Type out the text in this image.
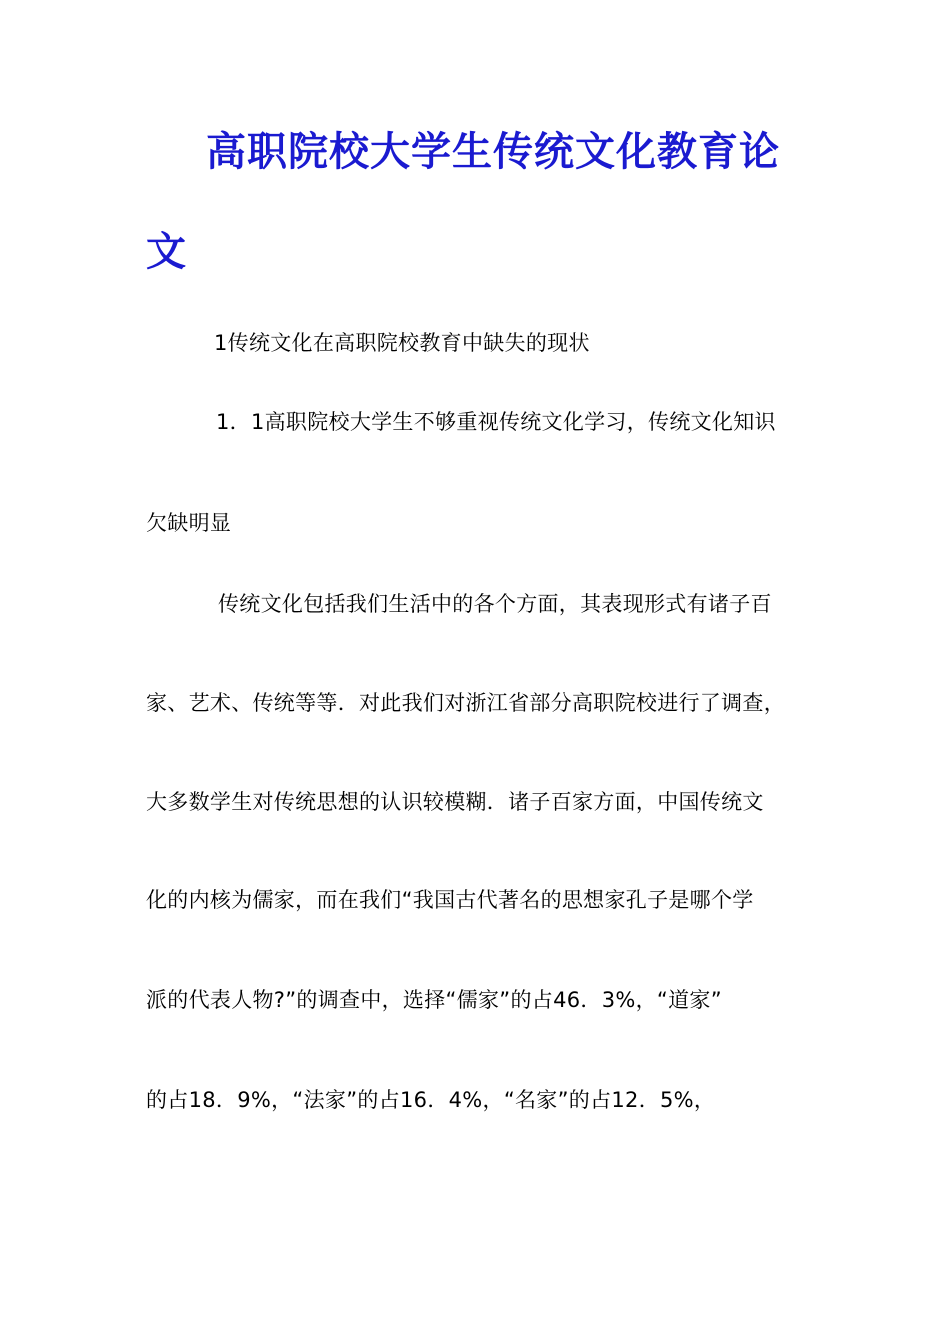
高职院校大学生传统文化教育论
文
1传统文化在高职院校教育中缺失的现状
1．1高职院校大学生不够重视传统文化学习，传统文化知识
欠缺明显
传统文化包括我们生活中的各个方面，其表现形式有诸子百
家、艺术、传统等等．对此我们对浙江省部分高职院校进行了调查，
大多数学生对传统思想的认识较模糊．诸子百家方面，中国传统文
化的内核为儒家，而在我们“我国古代著名的思想家孔子是哪个学
派的代表人物?”的调查中，选择“儒家”的占46．3%，“道家”
的占18．9%，“法家”的占16．4%，“名家”的占12．5%，
